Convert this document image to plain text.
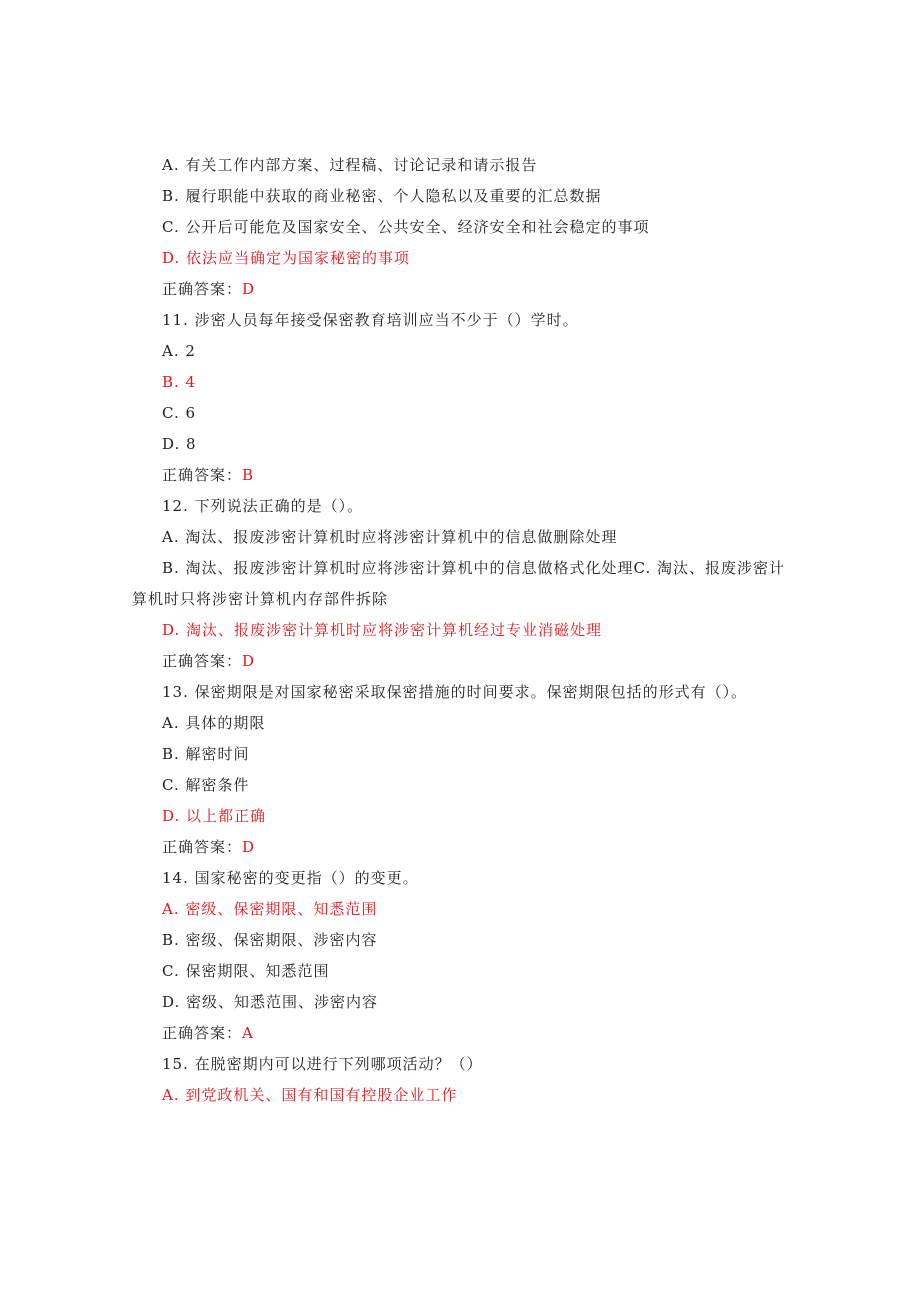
A. 有关工作内部方案、过程稿、讨论记录和请示报告
B. 履行职能中获取的商业秘密、个人隐私以及重要的汇总数据
C. 公开后可能危及国家安全、公共安全、经济安全和社会稳定的事项
D. 依法应当确定为国家秘密的事项
正确答案：D
11. 涉密人员每年接受保密教育培训应当不少于（）学时。
A. 2
B. 4
C. 6
D. 8
正确答案：B
12. 下列说法正确的是（）。
A. 淘汰、报废涉密计算机时应将涉密计算机中的信息做删除处理
B. 淘汰、报废涉密计算机时应将涉密计算机中的信息做格式化处理C. 淘汰、报废涉密计算机时只将涉密计算机内存部件拆除
D. 淘汰、报废涉密计算机时应将涉密计算机经过专业消磁处理
正确答案：D
13. 保密期限是对国家秘密采取保密措施的时间要求。保密期限包括的形式有（）。
A. 具体的期限
B. 解密时间
C. 解密条件
D. 以上都正确
正确答案：D
14. 国家秘密的变更指（）的变更。
A. 密级、保密期限、知悉范围
B. 密级、保密期限、涉密内容
C. 保密期限、知悉范围
D. 密级、知悉范围、涉密内容
正确答案：A
15. 在脱密期内可以进行下列哪项活动？（）
A. 到党政机关、国有和国有控股企业工作
